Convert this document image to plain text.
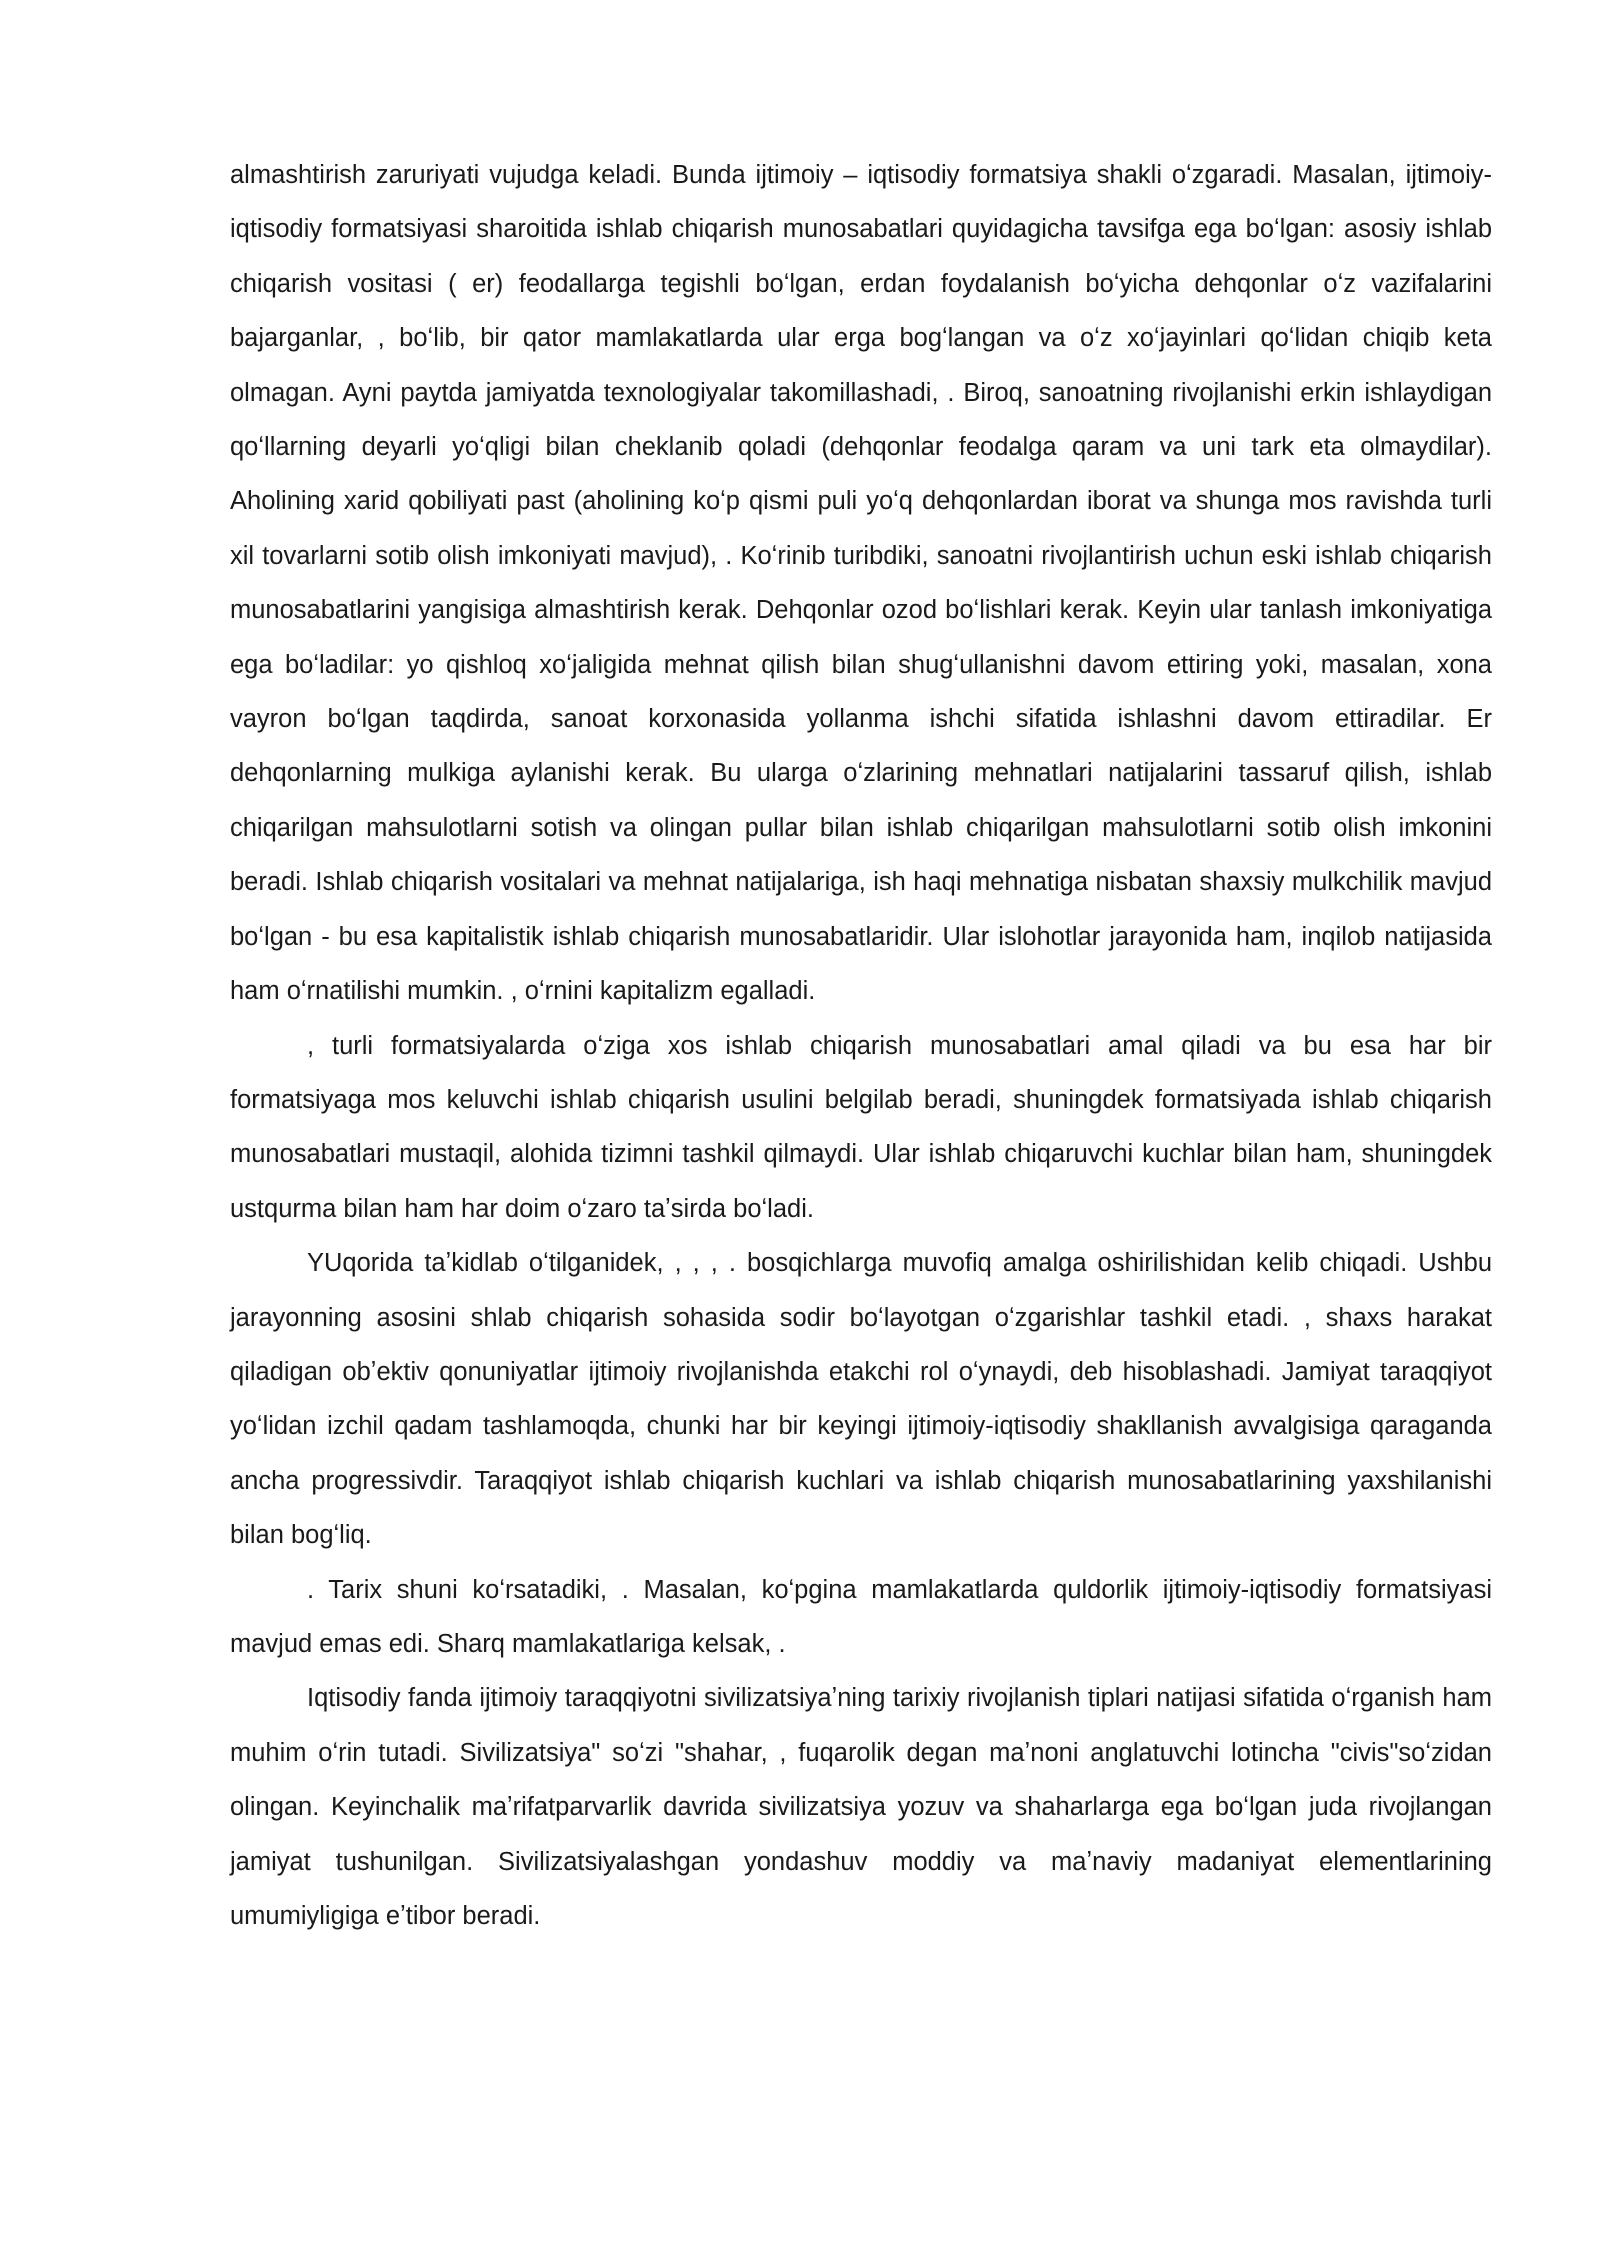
almashtirish zaruriyati vujudga keladi. Bunda ijtimoiy – iqtisodiy formatsiya shakli oʻzgaradi. Masalan, ijtimoiy-iqtisodiy formatsiyasi sharoitida ishlab chiqarish munosabatlari quyidagicha tavsifga ega boʻlgan: asosiy ishlab chiqarish vositasi ( er) feodallarga tegishli boʻlgan, erdan foydalanish boʻyicha dehqonlar oʻz vazifalarini bajarganlar, , boʻlib, bir qator mamlakatlarda ular erga bogʻlangan va oʻz xoʻjayinlari qoʻlidan chiqib keta olmagan. Ayni paytda jamiyatda texnologiyalar takomillashadi, . Biroq, sanoatning rivojlanishi erkin ishlaydigan qoʻllarning deyarli yoʻqligi bilan cheklanib qoladi (dehqonlar feodalga qaram va uni tark eta olmaydilar). Aholining xarid qobiliyati past (aholining koʻp qismi puli yoʻq dehqonlardan iborat va shunga mos ravishda turli xil tovarlarni sotib olish imkoniyati mavjud), . Koʻrinib turibdiki, sanoatni rivojlantirish uchun eski ishlab chiqarish munosabatlarini yangisiga almashtirish kerak. Dehqonlar ozod boʻlishlari kerak. Keyin ular tanlash imkoniyatiga ega boʻladilar: yo qishloq xoʻjaligida mehnat qilish bilan shugʻullanishni davom ettiring yoki, masalan, xona vayron boʻlgan taqdirda, sanoat korxonasida yollanma ishchi sifatida ishlashni davom ettiradilar. Er dehqonlarning mulkiga aylanishi kerak. Bu ularga oʻzlarining mehnatlari natijalarini tassaruf qilish, ishlab chiqarilgan mahsulotlarni sotish va olingan pullar bilan ishlab chiqarilgan mahsulotlarni sotib olish imkonini beradi. Ishlab chiqarish vositalari va mehnat natijalariga, ish haqi mehnatiga nisbatan shaxsiy mulkchilik mavjud boʻlgan - bu esa kapitalistik ishlab chiqarish munosabatlaridir. Ular islohotlar jarayonida ham, inqilob natijasida ham oʻrnatilishi mumkin. , oʻrnini kapitalizm egalladi.

, turli formatsiyalarda oʻziga xos ishlab chiqarish munosabatlari amal qiladi va bu esa har bir formatsiyaga mos keluvchi ishlab chiqarish usulini belgilab beradi, shuningdek formatsiyada ishlab chiqarish munosabatlari mustaqil, alohida tizimni tashkil qilmaydi. Ular ishlab chiqaruvchi kuchlar bilan ham, shuningdek ustqurma bilan ham har doim oʻzaro taʼsirda boʻladi.

YUqorida taʼkidlab oʻtilganidek, , , , . bosqichlarga muvofiq amalga oshirilishidan kelib chiqadi. Ushbu jarayonning asosini shlab chiqarish sohasida sodir boʻlayotgan oʻzgarishlar tashkil etadi. , shaxs harakat qiladigan obʼektiv qonuniyatlar ijtimoiy rivojlanishda etakchi rol oʻynaydi, deb hisoblashadi. Jamiyat taraqqiyot yoʻlidan izchil qadam tashlamoqda, chunki har bir keyingi ijtimoiy-iqtisodiy shakllanish avvalgisiga qaraganda ancha progressivdir. Taraqqiyot ishlab chiqarish kuchlari va ishlab chiqarish munosabatlarining yaxshilanishi bilan bogʻliq.

. Tarix shuni koʻrsatadiki, . Masalan, koʻpgina mamlakatlarda quldorlik ijtimoiy-iqtisodiy formatsiyasi mavjud emas edi. Sharq mamlakatlariga kelsak, .

Iqtisodiy fanda ijtimoiy taraqqiyotni sivilizatsiyaʼning tarixiy rivojlanish tiplari natijasi sifatida oʻrganish ham muhim oʻrin tutadi. Sivilizatsiya" soʻzi "shahar, , fuqarolik degan maʼnoni anglatuvchi lotincha "civis"soʻzidan olingan. Keyinchalik maʼrifatparvarlik davrida sivilizatsiya yozuv va shaharlarga ega boʻlgan juda rivojlangan jamiyat tushunilgan. Sivilizatsiyalashgan yondashuv moddiy va maʼnaviy madaniyat elementlarining umumiyligiga eʼtibor beradi.
